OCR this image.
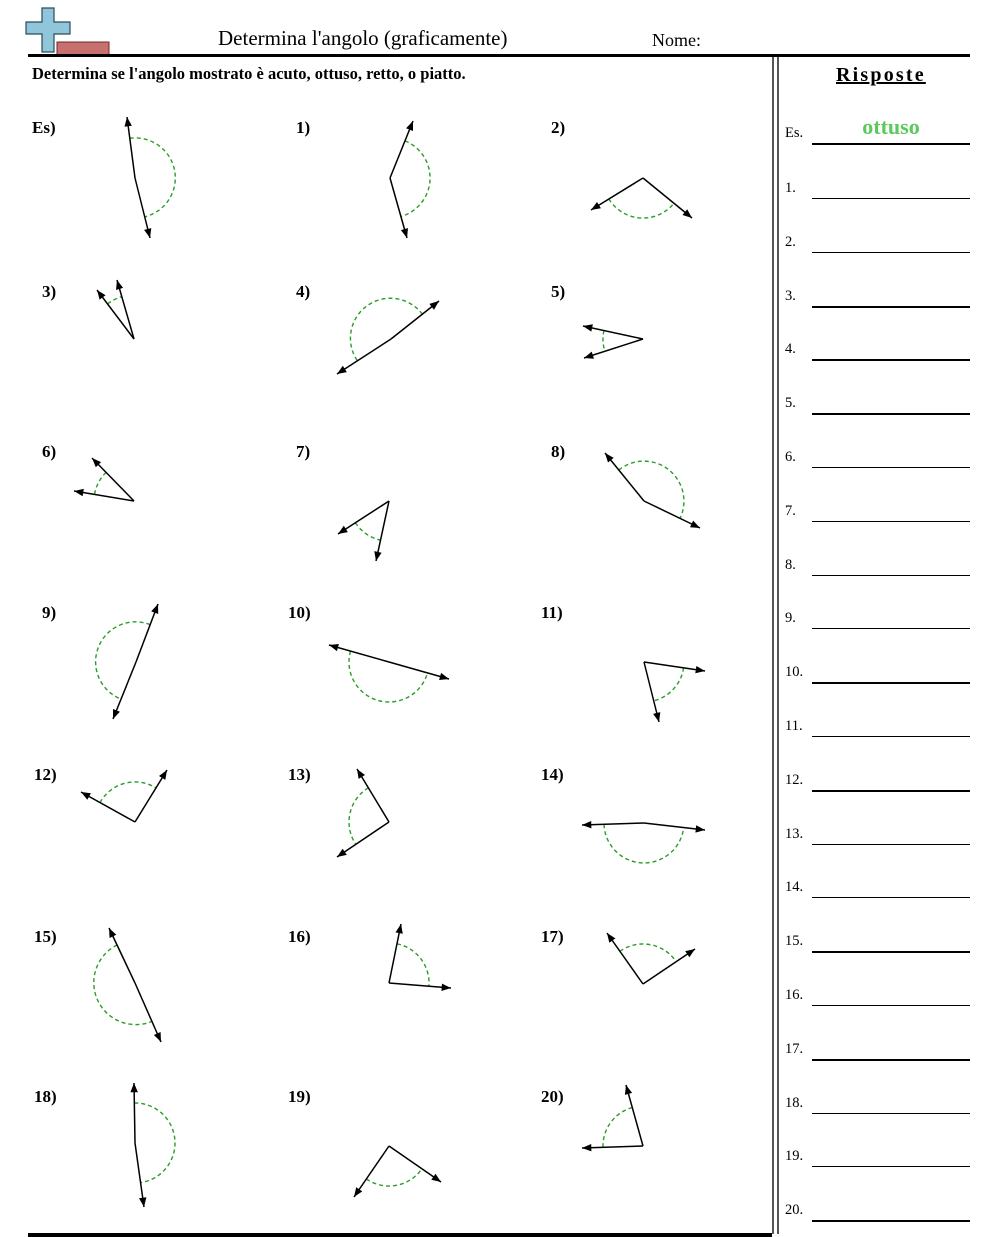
Determina l'angolo (graficamente)	Nome:
Determina se l'angolo mostrato è acuto, ottuso, retto, o piatto.	Risposte
Es.	ottuso
1.
2.
3.
4.
5.
6.
7.
8.
9.
10.
11.
12.
13.
14.
15.
16.
17.
18.
19.
20.
Es)	1)	2)
3)	4)	5)
6)	7)	8)
9)	10)	11)
12)	13)	14)
15)	16)	17)
18)	19)	20)
